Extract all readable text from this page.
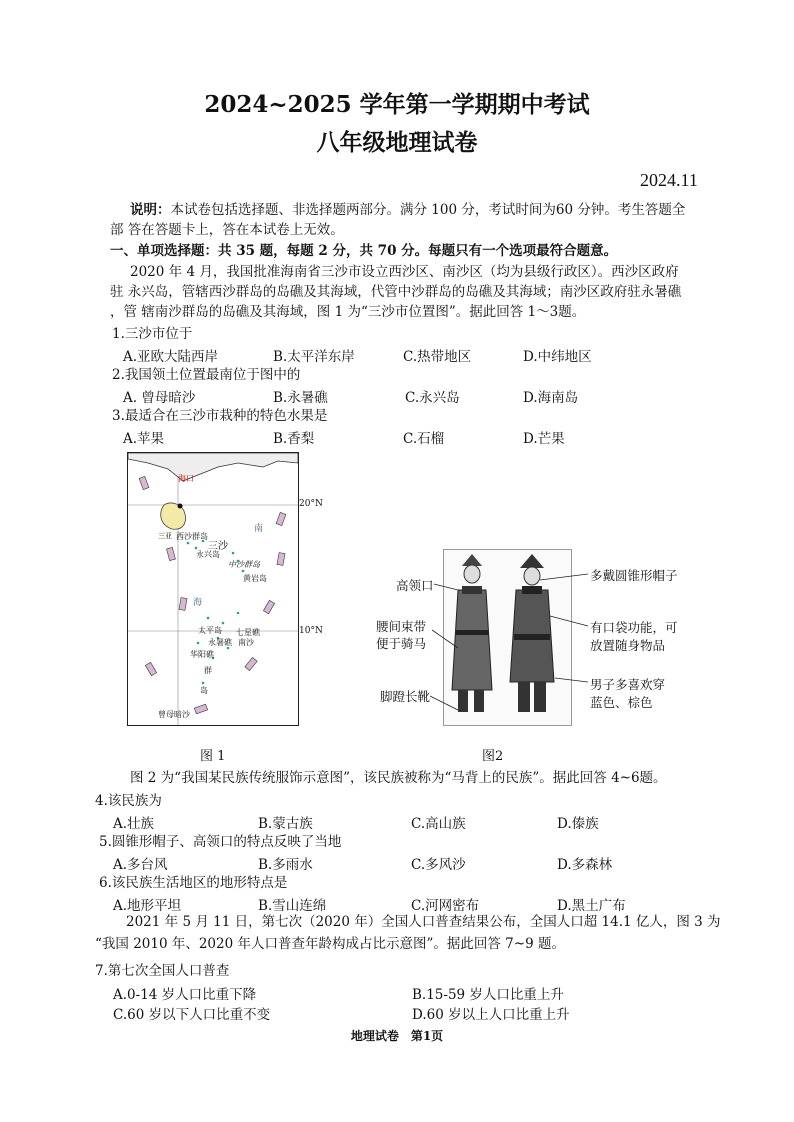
2024~2025 学年第一学期期中考试
八年级地理试卷
2024.11
说明：本试卷包括选择题、非选择题两部分。满分 100 分，考试时间为60 分钟。考生答题全
部 答在答题卡上，答在本试卷上无效。
一、单项选择题：共 35 题，每题 2 分，共 70 分。每题只有一个选项最符合题意。
2020 年 4 月，我国批准海南省三沙市设立西沙区、南沙区（均为县级行政区）。西沙区政府
驻 永兴岛，管辖西沙群岛的岛礁及其海域，代管中沙群岛的岛礁及其海域；南沙区政府驻永暑礁
，管 辖南沙群岛的岛礁及其海域，图 1 为“三沙市位置图”。据此回答 1～3题。
1.三沙市位于
A.亚欧大陆西岸	B.太平洋东岸	C.热带地区	D.中纬地区
2.我国领土位置最南位于图中的
A. 曾母暗沙	B.永暑礁	C.永兴岛	D.海南岛
3.最适合在三沙市栽种的特色水果是
A.苹果	B.香梨	C.石榴	D.芒果
海口
三亚 西沙群岛
三沙
永兴岛
中沙群岛
黄岩岛
南
海
太平岛 七星礁
永暑礁 南沙
华阳礁
群
岛
曾母暗沙
20°N
10°N
图 1
高领口
腰间束带
便于骑马
脚蹬长靴
多戴圆锥形帽子
有口袋功能，可
放置随身物品
男子多喜欢穿
蓝色、棕色
图2
图 2 为“我国某民族传统服饰示意图”，该民族被称为“马背上的民族”。据此回答 4~6题。
4.该民族为
A.壮族	B.蒙古族	C.高山族	D.傣族
5.圆锥形帽子、高领口的特点反映了当地
A.多台风	B.多雨水	C.多风沙	D.多森林
6.该民族生活地区的地形特点是
A.地形平坦	B.雪山连绵	C.河网密布	D.黑土广布
2021 年 5 月 11 日，第七次（2020 年）全国人口普查结果公布，全国人口超 14.1 亿人，图 3 为
“我国 2010 年、2020 年人口普查年龄构成占比示意图”。据此回答 7~9 题。
7.第七次全国人口普查
A.0-14 岁人口比重下降	B.15-59 岁人口比重上升
C.60 岁以下人口比重不变	D.60 岁以上人口比重上升
地理试卷　第1页
